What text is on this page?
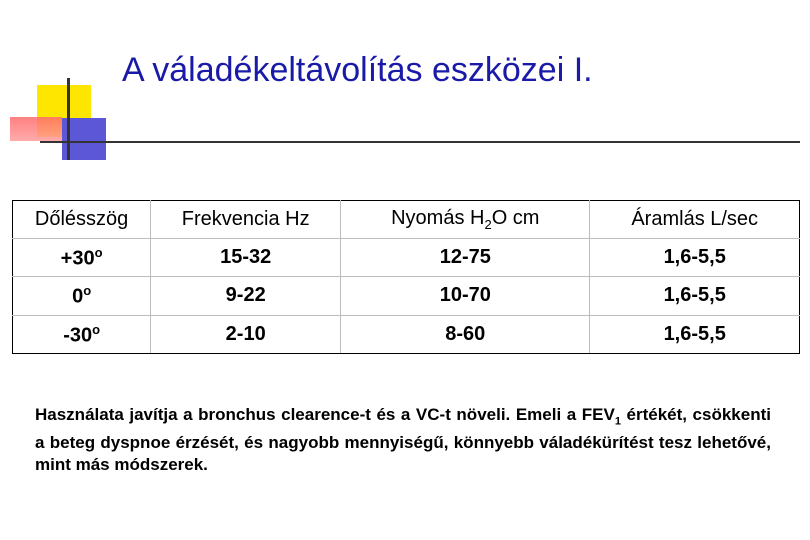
A váladékeltávolítás eszközei I.
Dőlésszög	Frekvencia Hz	Nyomás $H_2O$ cm	Áramlás L/sec
$+30^o$	15-32	12-75	1,6-5,5
0$^o$	9-22	10-70	1,6-5,5
-30$^o$	2-10	8-60	1,6-5,5
Használata javítja a bronchus clearence-t és a VC-t növeli. Emeli a $FEV_1$ értékét, csökkenti a beteg dyspnoe érzését, és nagyobb mennyiségű, könnyebb váladékürítést tesz lehetővé, mint más módszerek.
